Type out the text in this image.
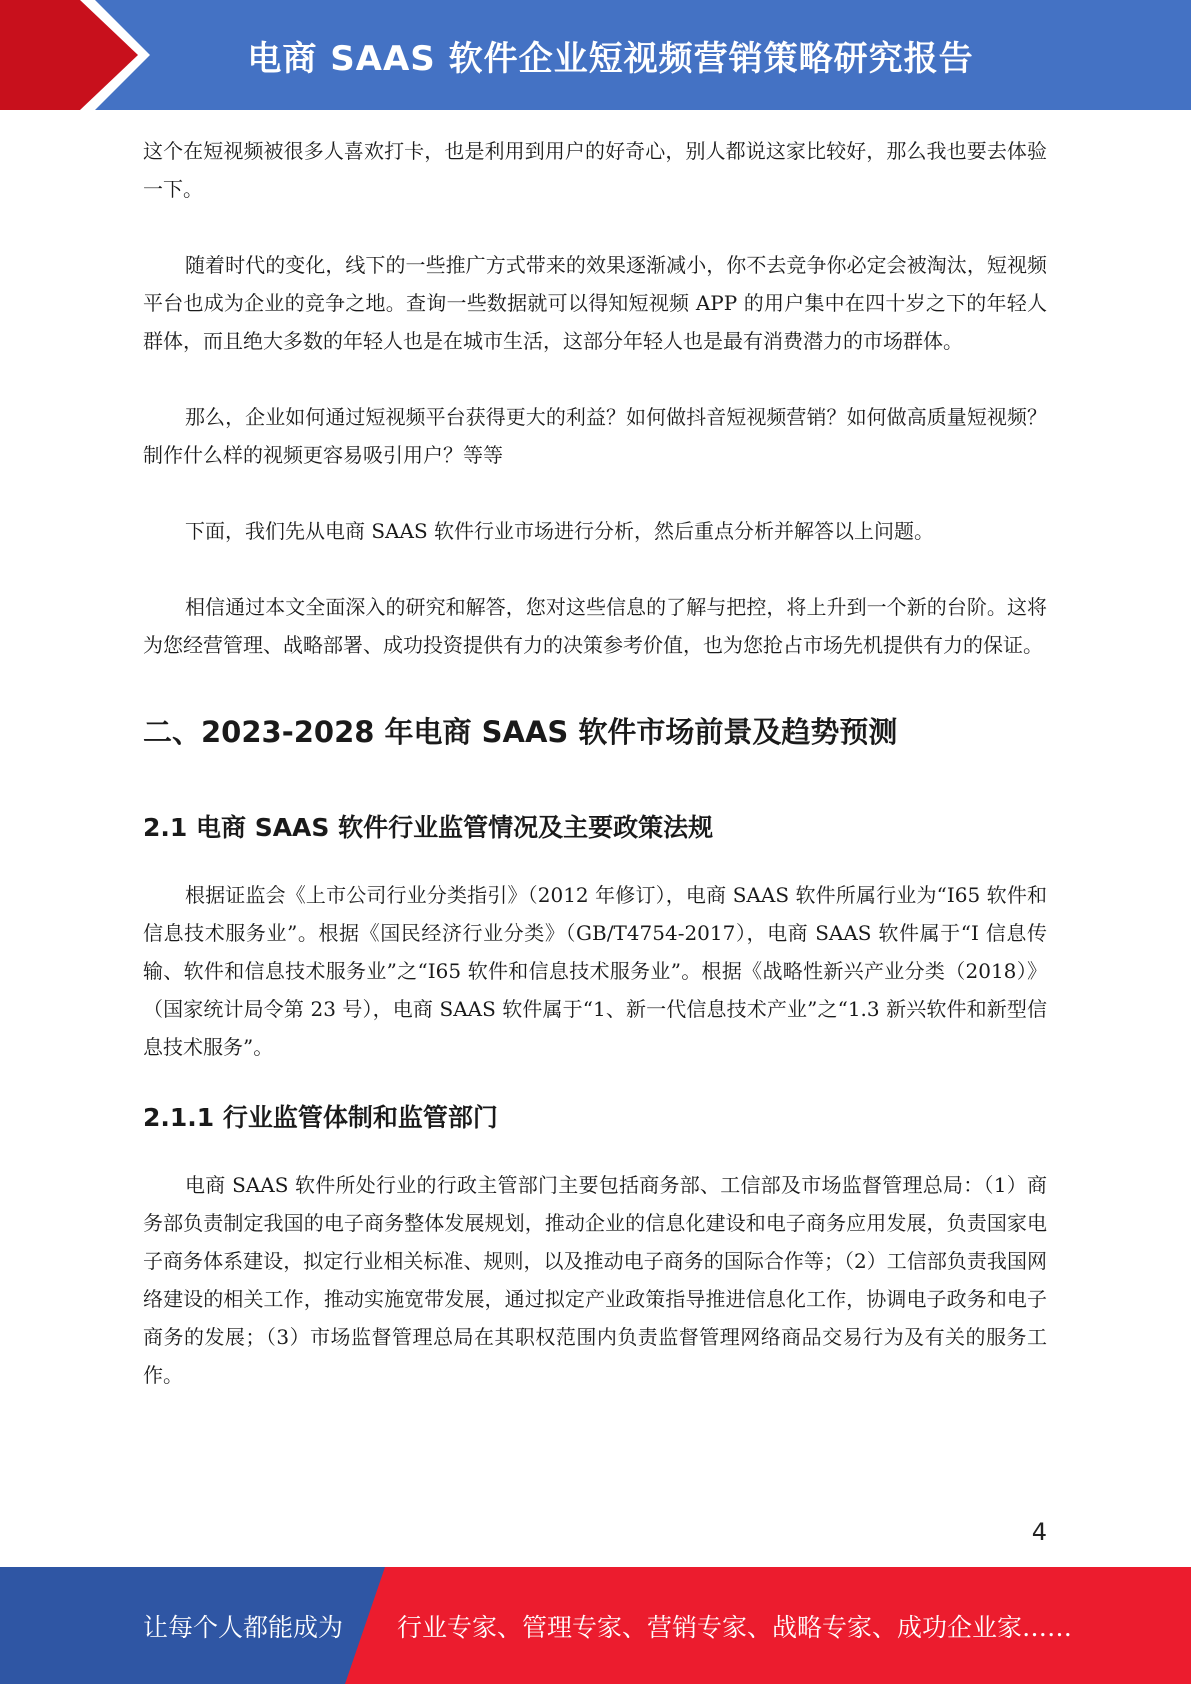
电商 SAAS 软件企业短视频营销策略研究报告

这个在短视频被很多人喜欢打卡，也是利用到用户的好奇心，别人都说这家比较好，那么我也要去体验一下。

随着时代的变化，线下的一些推广方式带来的效果逐渐减小，你不去竞争你必定会被淘汰，短视频平台也成为企业的竞争之地。查询一些数据就可以得知短视频 APP 的用户集中在四十岁之下的年轻人群体，而且绝大多数的年轻人也是在城市生活，这部分年轻人也是最有消费潜力的市场群体。

那么，企业如何通过短视频平台获得更大的利益？如何做抖音短视频营销？如何做高质量短视频？制作什么样的视频更容易吸引用户？等等

下面，我们先从电商 SAAS 软件行业市场进行分析，然后重点分析并解答以上问题。

相信通过本文全面深入的研究和解答，您对这些信息的了解与把控，将上升到一个新的台阶。这将为您经营管理、战略部署、成功投资提供有力的决策参考价值，也为您抢占市场先机提供有力的保证。

二、2023-2028 年电商 SAAS 软件市场前景及趋势预测
2.1 电商 SAAS 软件行业监管情况及主要政策法规

根据证监会《上市公司行业分类指引》（2012 年修订），电商 SAAS 软件所属行业为“I65 软件和信息技术服务业”。根据《国民经济行业分类》（GB/T4754-2017），电商 SAAS 软件属于“I 信息传输、软件和信息技术服务业”之“I65 软件和信息技术服务业”。根据《战略性新兴产业分类（2018）》（国家统计局令第 23 号），电商 SAAS 软件属于“1、新一代信息技术产业”之“1.3 新兴软件和新型信息技术服务”。

2.1.1 行业监管体制和监管部门

电商 SAAS 软件所处行业的行政主管部门主要包括商务部、工信部及市场监督管理总局：（1）商务部负责制定我国的电子商务整体发展规划，推动企业的信息化建设和电子商务应用发展，负责国家电子商务体系建设，拟定行业相关标准、规则，以及推动电子商务的国际合作等；（2）工信部负责我国网络建设的相关工作，推动实施宽带发展，通过拟定产业政策指导推进信息化工作，协调电子政务和电子商务的发展；（3）市场监督管理总局在其职权范围内负责监督管理网络商品交易行为及有关的服务工作。

4
让每个人都能成为 行业专家、管理专家、营销专家、战略专家、成功企业家……
